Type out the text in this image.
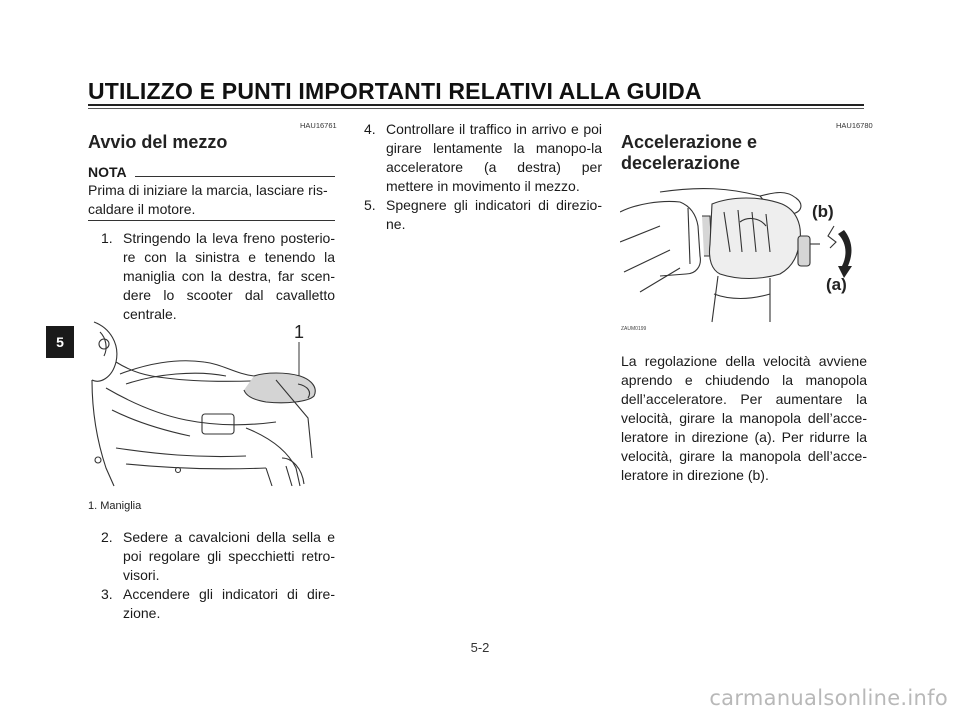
UTILIZZO E PUNTI IMPORTANTI RELATIVI ALLA GUIDA
5
HAU16761
Avvio del mezzo
NOTA
Prima di iniziare la marcia, lasciare ris-
caldare il motore.
1. Stringendo la leva freno posterio-re con la sinistra e tenendo la maniglia con la destra, far scen-dere lo scooter dal cavalletto centrale.
1
1. Maniglia
2. Sedere a cavalcioni della sella e poi regolare gli specchietti retro-visori.
3. Accendere gli indicatori di dire-zione.
4. Controllare il traffico in arrivo e poi girare lentamente la manopo-la acceleratore (a destra) per mettere in movimento il mezzo.
5. Spegnere gli indicatori di direzio-ne.
HAU16780
Accelerazione e
decelerazione
(b)
(a)
ZAUM0199
La regolazione della velocità avviene aprendo e chiudendo la manopola dell’acceleratore. Per aumentare la velocità, girare la manopola dell’acce-leratore in direzione (a). Per ridurre la velocità, girare la manopola dell’acce-leratore in direzione (b).
5-2
carmanualsonline.info
